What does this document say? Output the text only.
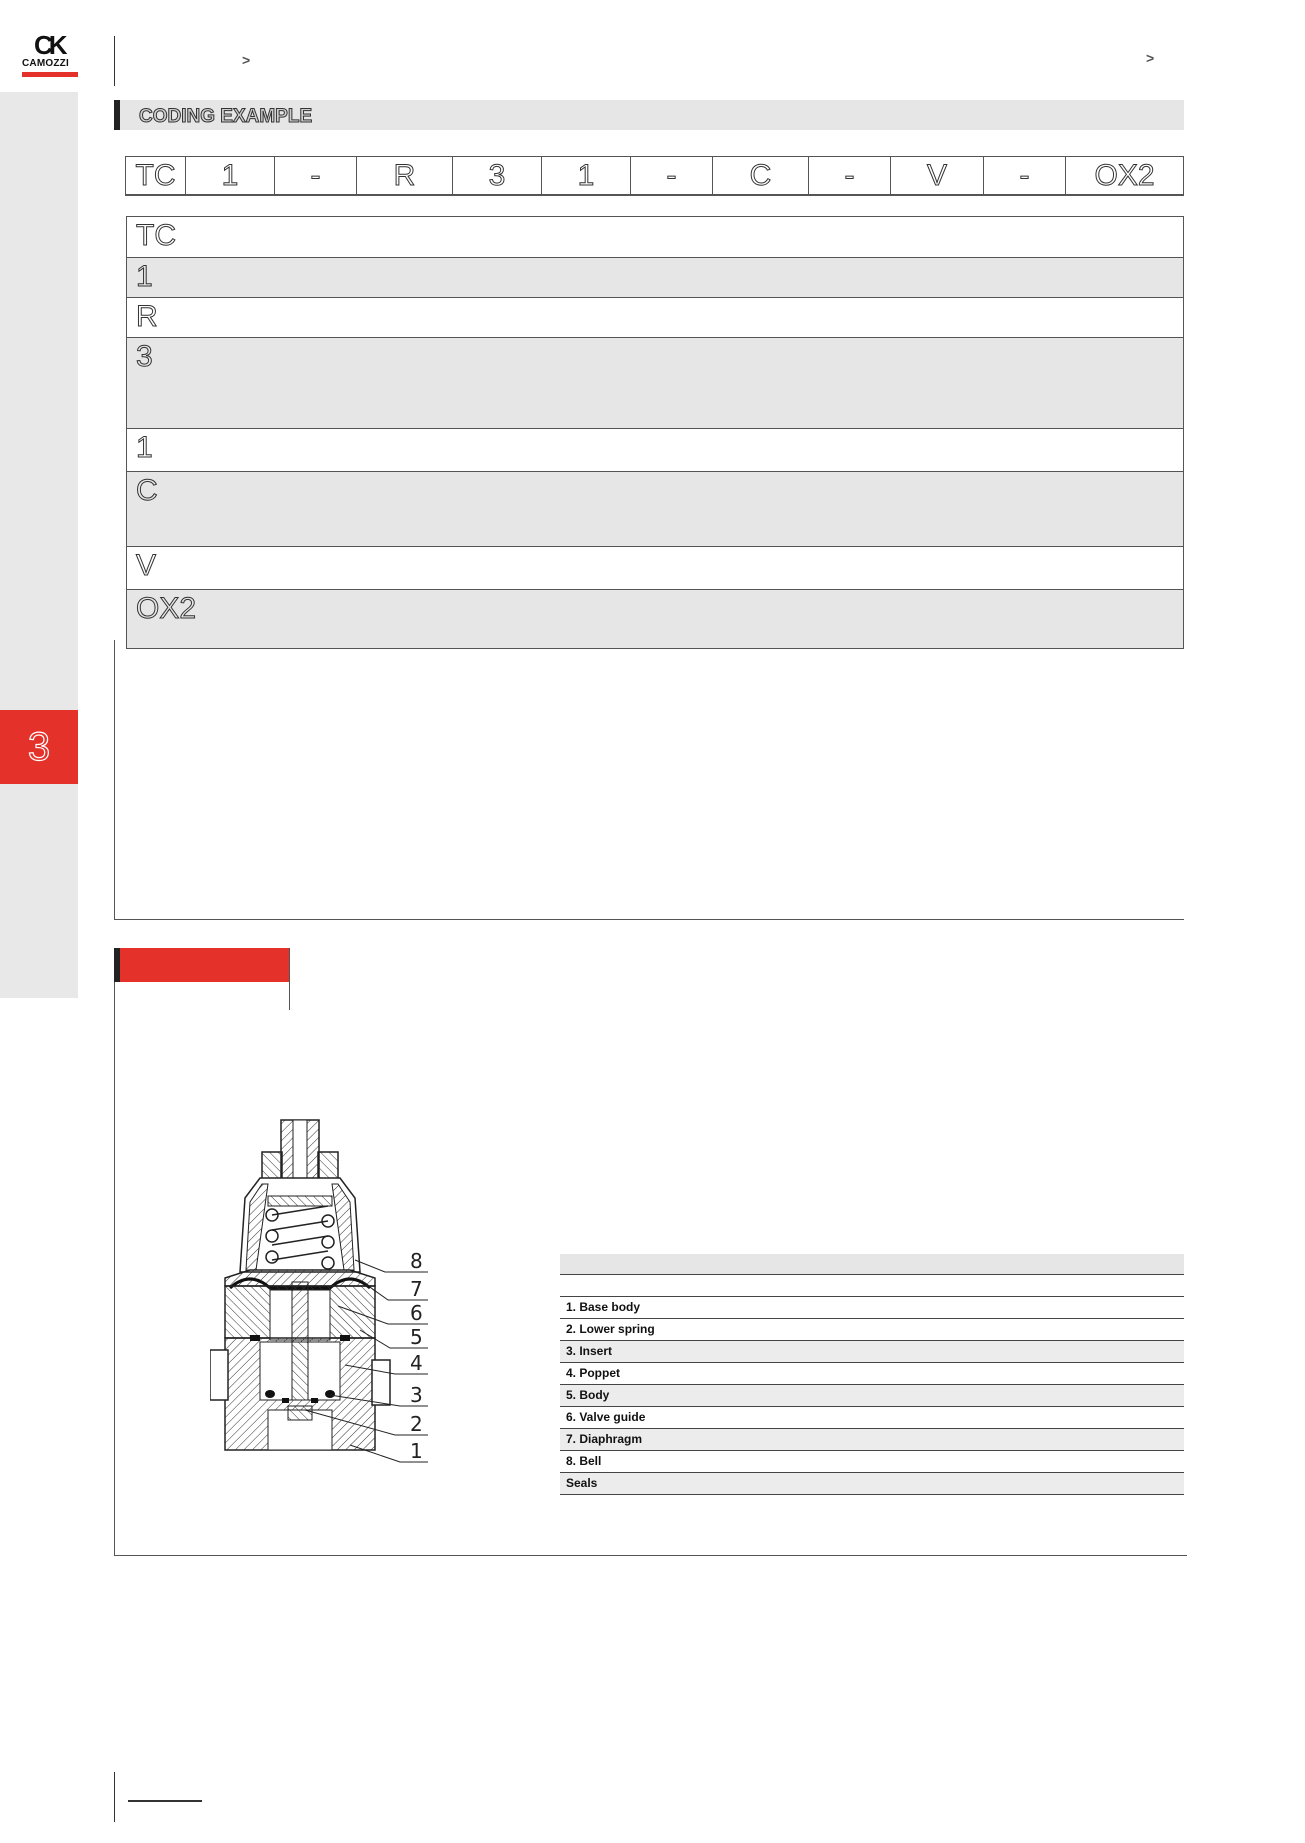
3
CK
CAMOZZI	>	>
CODING EXAMPLE
TC	1	-	R	3	1	-	C	-	V	-	OX2
TC
1
R
3
1
C
V
OX2
8
7
6
5
4
3
2
1
1. Base body
2. Lower spring
3. Insert
4. Poppet
5. Body
6. Valve guide
7. Diaphragm
8. Bell
Seals
